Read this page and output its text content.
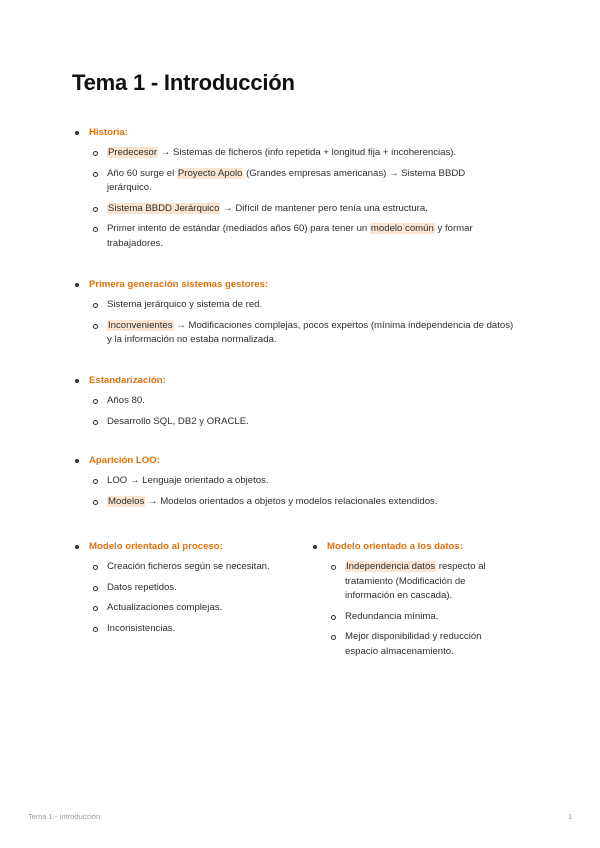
Tema 1 - Introducción
Historia:
Predecesor → Sistemas de ficheros (info repetida + longitud fija + incoherencias).
Año 60 surge el Proyecto Apolo (Grandes empresas americanas) → Sistema BBDD jerárquico.
Sistema BBDD Jerárquico → Difícil de mantener pero tenía una estructura.
Primer intento de estándar (mediados años 60) para tener un modelo común y formar trabajadores.
Primera generación sistemas gestores:
Sistema jerárquico y sistema de red.
Inconvenientes → Modificaciones complejas, pocos expertos (mínima independencia de datos) y la información no estaba normalizada.
Estandarización:
Años 80.
Desarrollo SQL, DB2 y ORACLE.
Aparición LOO:
LOO → Lenguaje orientado a objetos.
Modelos → Modelos orientados a objetos y modelos relacionales extendidos.
Modelo orientado al proceso:
Creación ficheros según se necesitan.
Datos repetidos.
Actualizaciones complejas.
Inconsistencias.
Modelo orientado a los datos:
Independencia datos respecto al tratamiento (Modificación de información en cascada).
Redundancia mínima.
Mejor disponibilidad y reducción espacio almacenamiento.
Tema 1 - Introducción	1
